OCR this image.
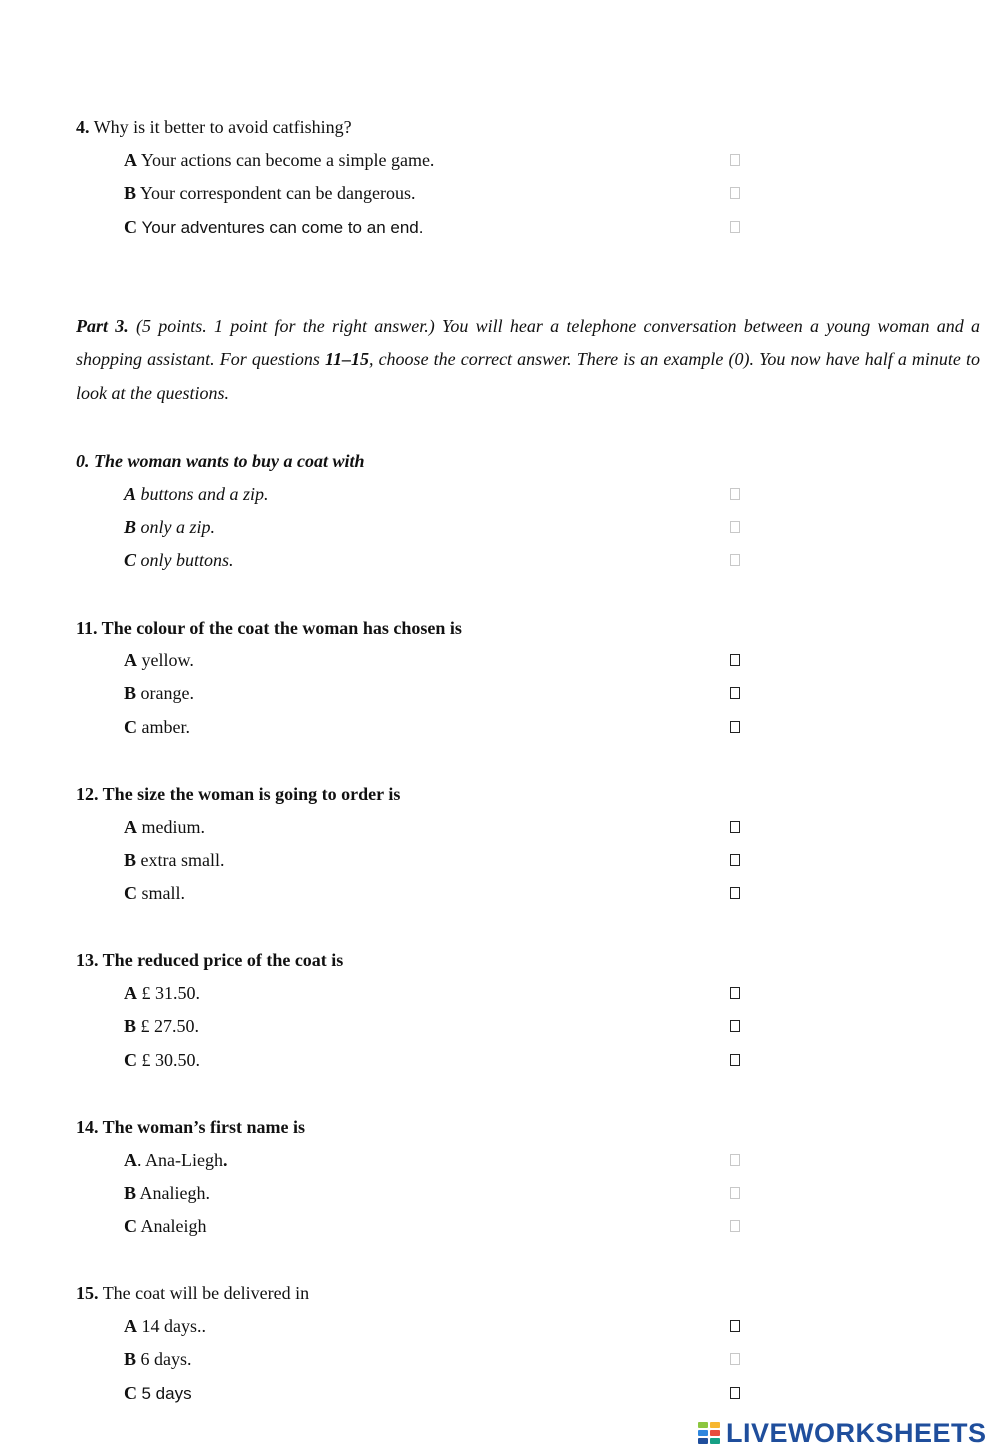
4. Why is it better to avoid catfishing?
A Your actions can become a simple game.
B Your correspondent can be dangerous.
C Your adventures can come to an end.
Part 3. (5 points. 1 point for the right answer.) You will hear a telephone conversation between a young woman and a shopping assistant. For questions 11–15, choose the correct answer. There is an example (0). You now have half a minute to look at the questions.
0. The woman wants to buy a coat with
A buttons and a zip.
B only a zip.
C only buttons.
11. The colour of the coat the woman has chosen is
A yellow.
B orange.
C amber.
12. The size the woman is going to order is
A medium.
B extra small.
C small.
13. The reduced price of the coat is
A £ 31.50.
B £ 27.50.
C £ 30.50.
14. The woman’s first name is
A. Ana-Liegh.
B Analiegh.
C Analeigh
15. The coat will be delivered in
A 14 days..
B 6 days.
C 5 days
LIVEWORKSHEETS
